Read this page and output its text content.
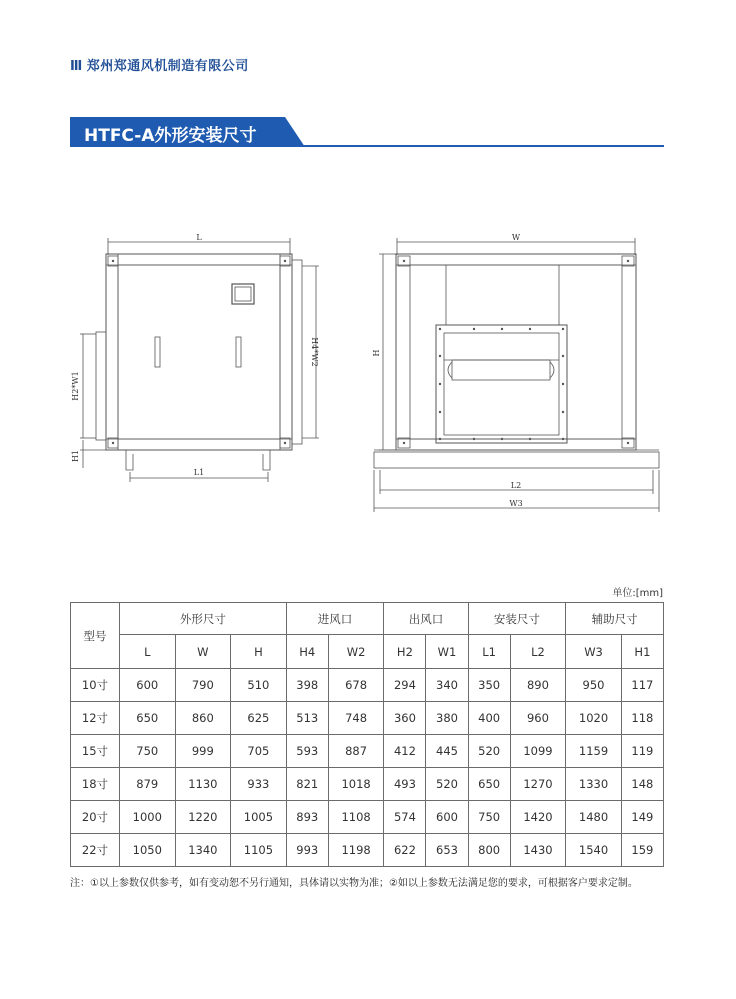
Ⅲ 郑州郑通风机制造有限公司
HTFC-A外形安装尺寸
L
L1
H4*W2
H2*W1
H1
W
H
L2
W3
单位:[mm]
型号	外形尺寸			进风口		出风口		安装尺寸		辅助尺寸	
	L	W	H	H4	W2	H2	W1	L1	L2	W3	H1
10寸	600	790	510	398	678	294	340	350	890	950	117
12寸	650	860	625	513	748	360	380	400	960	1020	118
15寸	750	999	705	593	887	412	445	520	1099	1159	119
18寸	879	1130	933	821	1018	493	520	650	1270	1330	148
20寸	1000	1220	1005	893	1108	574	600	750	1420	1480	149
22寸	1050	1340	1105	993	1198	622	653	800	1430	1540	159
注：①以上参数仅供参考，如有变动恕不另行通知，具体请以实物为准；②如以上参数无法满足您的要求，可根据客户要求定制。
